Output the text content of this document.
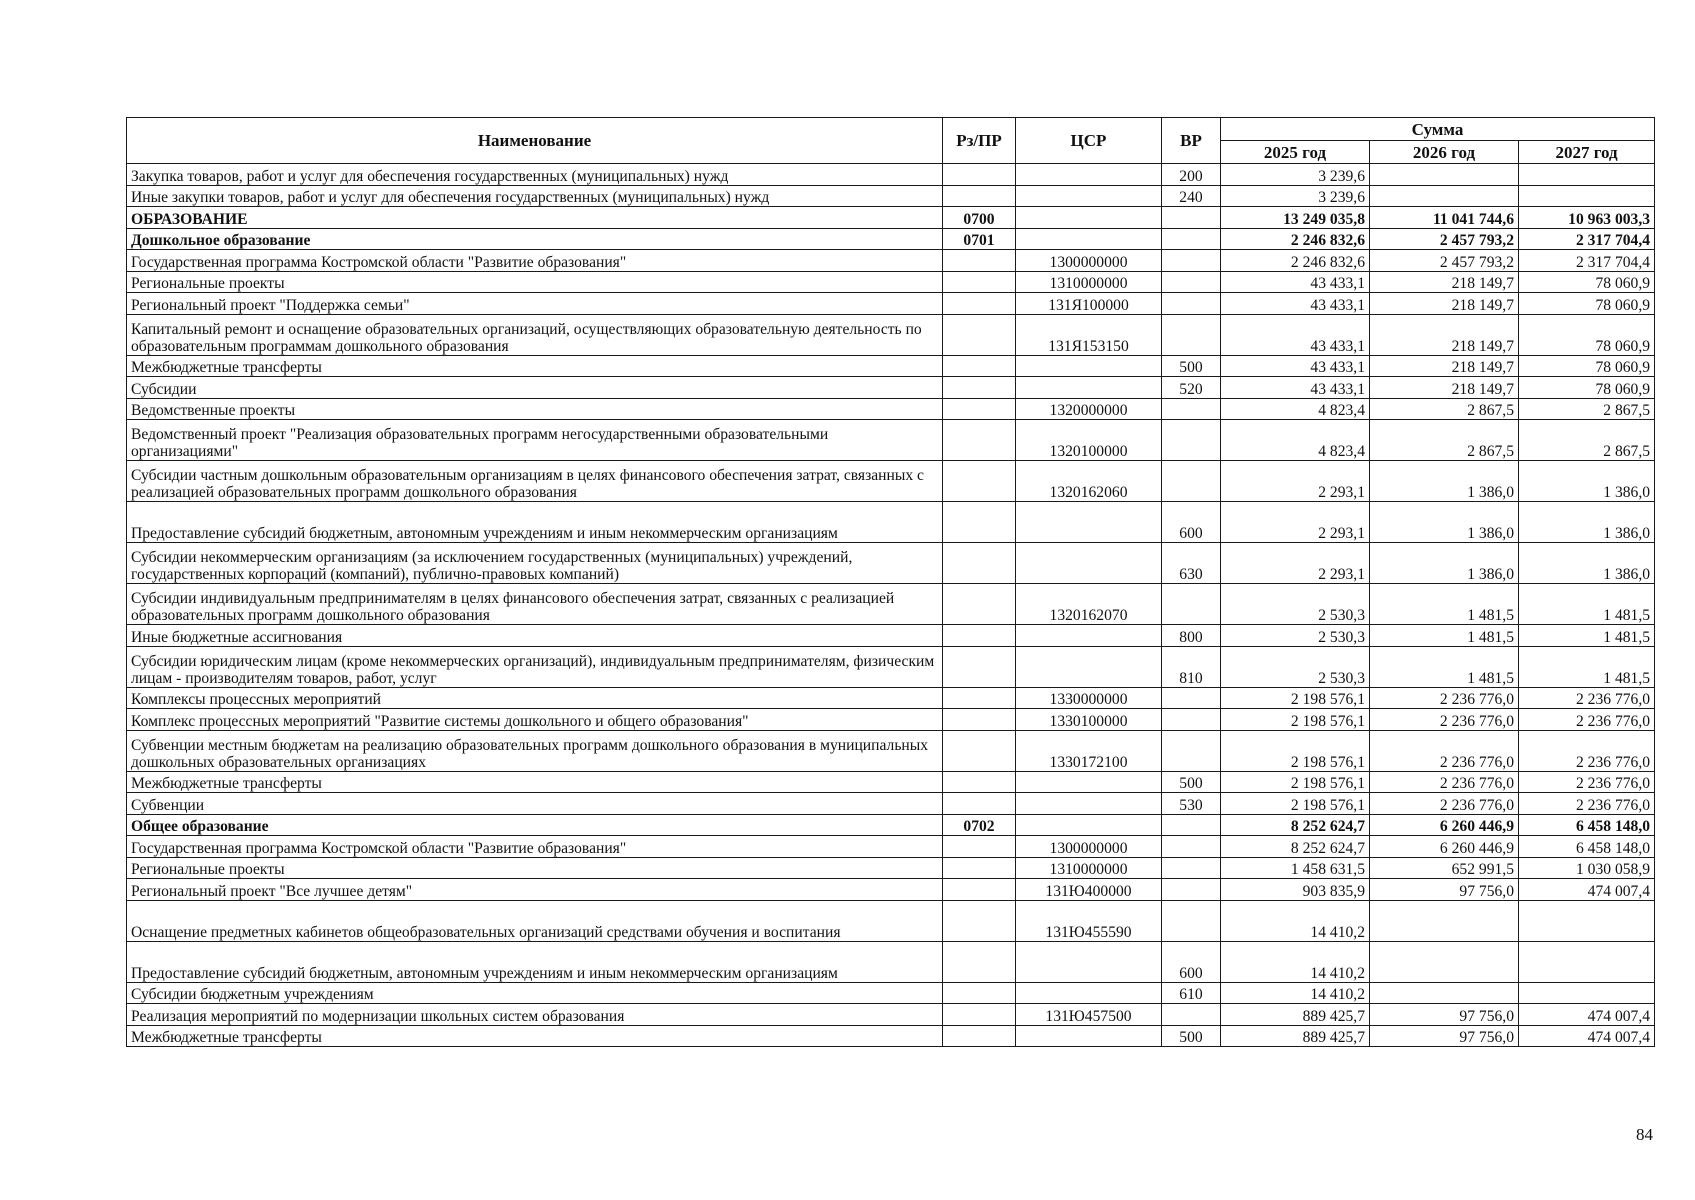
Наименование	Рз/ПР	ЦСР	ВР	Сумма		
				2025 год	2026 год	2027 год
Закупка товаров, работ и услуг для обеспечения государственных (муниципальных) нужд			200	3 239,6		
Иные закупки товаров, работ и услуг для обеспечения государственных (муниципальных) нужд			240	3 239,6		
ОБРАЗОВАНИЕ	0700			13 249 035,8	11 041 744,6	10 963 003,3
Дошкольное образование	0701			2 246 832,6	2 457 793,2	2 317 704,4
Государственная программа Костромской области "Развитие образования"		1300000000		2 246 832,6	2 457 793,2	2 317 704,4
Региональные проекты		1310000000		43 433,1	218 149,7	78 060,9
Региональный проект "Поддержка семьи"		131Я100000		43 433,1	218 149,7	78 060,9
Капитальный ремонт и оснащение образовательных организаций, осуществляющих образовательную деятельность по образовательным программам дошкольного образования		131Я153150		43 433,1	218 149,7	78 060,9
Межбюджетные трансферты			500	43 433,1	218 149,7	78 060,9
Субсидии			520	43 433,1	218 149,7	78 060,9
Ведомственные проекты		1320000000		4 823,4	2 867,5	2 867,5
Ведомственный проект "Реализация образовательных программ негосударственными образовательными организациями"		1320100000		4 823,4	2 867,5	2 867,5
Субсидии частным дошкольным образовательным организациям в целях финансового обеспечения затрат, связанных с реализацией образовательных программ дошкольного образования		1320162060		2 293,1	1 386,0	1 386,0
Предоставление субсидий бюджетным, автономным учреждениям и иным некоммерческим организациям			600	2 293,1	1 386,0	1 386,0
Субсидии некоммерческим организациям (за исключением государственных (муниципальных) учреждений, государственных корпораций (компаний), публично-правовых компаний)			630	2 293,1	1 386,0	1 386,0
Субсидии индивидуальным предпринимателям в целях финансового обеспечения затрат, связанных с реализацией образовательных программ дошкольного образования		1320162070		2 530,3	1 481,5	1 481,5
Иные бюджетные ассигнования			800	2 530,3	1 481,5	1 481,5
Субсидии юридическим лицам (кроме некоммерческих организаций), индивидуальным предпринимателям, физическим лицам - производителям товаров, работ, услуг			810	2 530,3	1 481,5	1 481,5
Комплексы процессных мероприятий		1330000000		2 198 576,1	2 236 776,0	2 236 776,0
Комплекс процессных мероприятий "Развитие системы дошкольного и общего образования"		1330100000		2 198 576,1	2 236 776,0	2 236 776,0
Субвенции местным бюджетам на реализацию образовательных программ дошкольного образования в муниципальных дошкольных образовательных организациях		1330172100		2 198 576,1	2 236 776,0	2 236 776,0
Межбюджетные трансферты			500	2 198 576,1	2 236 776,0	2 236 776,0
Субвенции			530	2 198 576,1	2 236 776,0	2 236 776,0
Общее образование	0702			8 252 624,7	6 260 446,9	6 458 148,0
Государственная программа Костромской области "Развитие образования"		1300000000		8 252 624,7	6 260 446,9	6 458 148,0
Региональные проекты		1310000000		1 458 631,5	652 991,5	1 030 058,9
Региональный проект "Все лучшее детям"		131Ю400000		903 835,9	97 756,0	474 007,4
Оснащение предметных кабинетов общеобразовательных организаций средствами обучения и воспитания		131Ю455590		14 410,2		
Предоставление субсидий бюджетным, автономным учреждениям и иным некоммерческим организациям			600	14 410,2		
Субсидии бюджетным учреждениям			610	14 410,2		
Реализация мероприятий по модернизации школьных систем образования		131Ю457500		889 425,7	97 756,0	474 007,4
Межбюджетные трансферты			500	889 425,7	97 756,0	474 007,4
84
